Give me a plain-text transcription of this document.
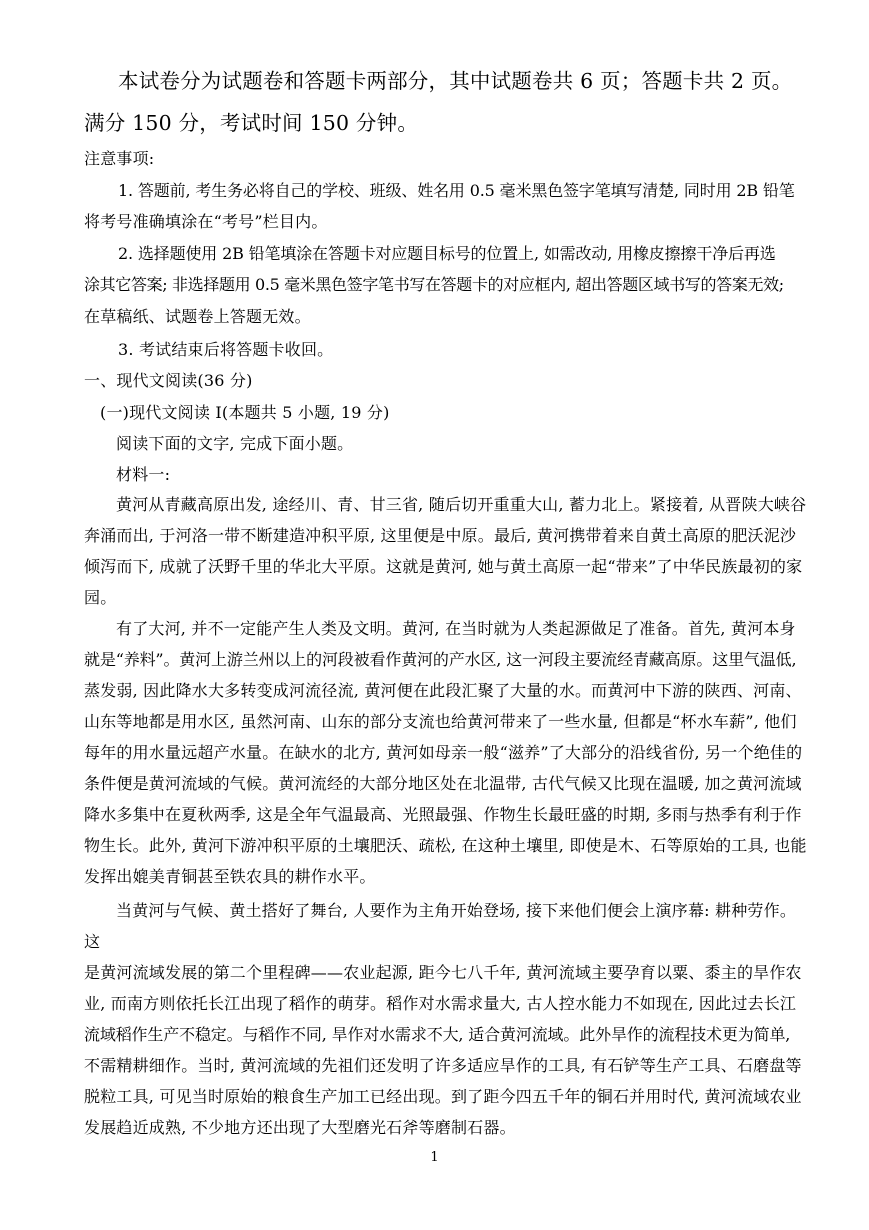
本试卷分为试题卷和答题卡两部分，其中试题卷共 6 页；答题卡共 2 页。
满分 150 分，考试时间 150 分钟。
注意事项:
1. 答题前, 考生务必将自己的学校、班级、姓名用 0.5 毫米黑色签字笔填写清楚, 同时用 2B 铅笔
将考号准确填涂在“考号”栏目内。
2. 选择题使用 2B 铅笔填涂在答题卡对应题目标号的位置上, 如需改动, 用橡皮擦擦干净后再选
涂其它答案; 非选择题用 0.5 毫米黑色签字笔书写在答题卡的对应框内, 超出答题区域书写的答案无效;
在草稿纸、试题卷上答题无效。
3. 考试结束后将答题卡收回。
一、现代文阅读(36 分)
(一)现代文阅读 I(本题共 5 小题, 19 分)
阅读下面的文字, 完成下面小题。
材料一:
黄河从青藏高原出发, 途经川、青、甘三省, 随后切开重重大山, 蓄力北上。紧接着, 从晋陕大峡谷
奔涌而出, 于河洛一带不断建造冲积平原, 这里便是中原。最后, 黄河携带着来自黄土高原的肥沃泥沙
倾泻而下, 成就了沃野千里的华北大平原。这就是黄河, 她与黄土高原一起“带来”了中华民族最初的家
园。
有了大河, 并不一定能产生人类及文明。黄河, 在当时就为人类起源做足了准备。首先, 黄河本身
就是“养料”。黄河上游兰州以上的河段被看作黄河的产水区, 这一河段主要流经青藏高原。这里气温低,
蒸发弱, 因此降水大多转变成河流径流, 黄河便在此段汇聚了大量的水。而黄河中下游的陕西、河南、
山东等地都是用水区, 虽然河南、山东的部分支流也给黄河带来了一些水量, 但都是“杯水车薪”, 他们
每年的用水量远超产水量。在缺水的北方, 黄河如母亲一般“滋养”了大部分的沿线省份, 另一个绝佳的
条件便是黄河流域的气候。黄河流经的大部分地区处在北温带, 古代气候又比现在温暖, 加之黄河流域
降水多集中在夏秋两季, 这是全年气温最高、光照最强、作物生长最旺盛的时期, 多雨与热季有利于作
物生长。此外, 黄河下游冲积平原的土壤肥沃、疏松, 在这种土壤里, 即使是木、石等原始的工具, 也能
发挥出媲美青铜甚至铁农具的耕作水平。
当黄河与气候、黄土搭好了舞台, 人要作为主角开始登场, 接下来他们便会上演序幕: 耕种劳作。
这
是黄河流域发展的第二个里程碑——农业起源, 距今七八千年, 黄河流域主要孕育以粟、黍主的旱作农
业, 而南方则依托长江出现了稻作的萌芽。稻作对水需求量大, 古人控水能力不如现在, 因此过去长江
流域稻作生产不稳定。与稻作不同, 旱作对水需求不大, 适合黄河流域。此外旱作的流程技术更为简单,
不需精耕细作。当时, 黄河流域的先祖们还发明了许多适应旱作的工具, 有石铲等生产工具、石磨盘等
脱粒工具, 可见当时原始的粮食生产加工已经出现。到了距今四五千年的铜石并用时代, 黄河流域农业
发展趋近成熟, 不少地方还出现了大型磨光石斧等磨制石器。
1
